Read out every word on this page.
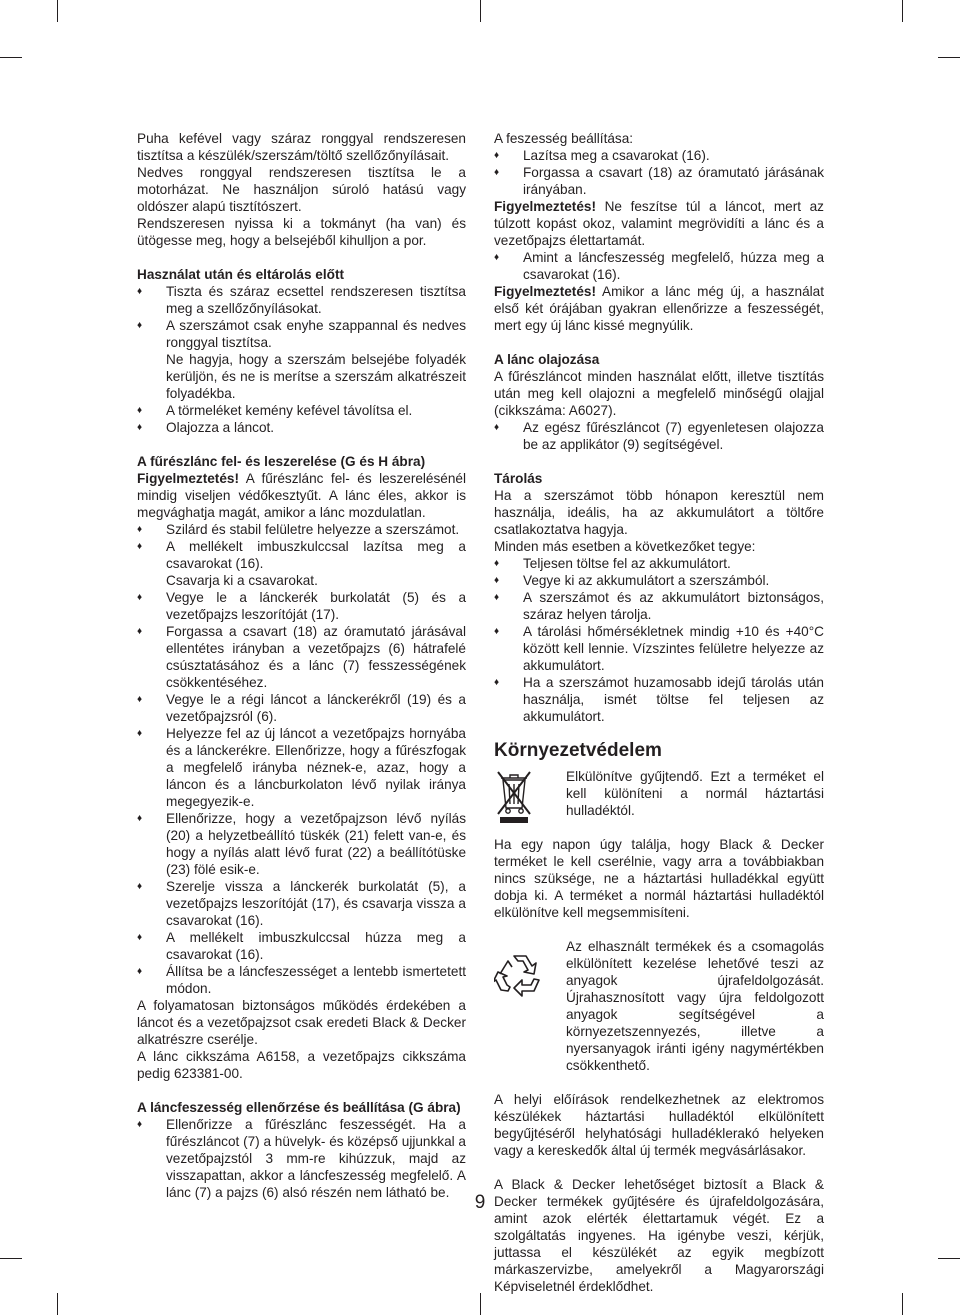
Puha kefével vagy száraz ronggyal rendszeresen tisztítsa a készülék/szerszám/töltő szellőzőnyílásait.

Nedves ronggyal rendszeresen tisztítsa le a motorházat. Ne használjon súroló hatású vagy oldószer alapú tisztítószert.

Rendszeresen nyissa ki a tokmányt (ha van) és ütögesse meg, hogy a belsejéből kihulljon a por.

Használat után és eltárolás előtt

♦ Tiszta és száraz ecsettel rendszeresen tisztítsa meg a szellőzőnyílásokat.

♦ A szerszámot csak enyhe szappannal és nedves ronggyal tisztítsa.

Ne hagyja, hogy a szerszám belsejébe folyadék kerüljön, és ne is merítse a szerszám alkatrészeit folyadékba.

♦ A törmeléket kemény kefével távolítsa el.

♦ Olajozza a láncot.

A fűrészlánc fel- és leszerelése (G és H ábra)

Figyelmeztetés! A fűrészlánc fel- és leszerelésénél mindig viseljen védőkesztyűt. A lánc éles, akkor is megvághatja magát, amikor a lánc mozdulatlan.

♦ Szilárd és stabil felületre helyezze a szerszámot.

♦ A mellékelt imbuszkulccsal lazítsa meg a csavarokat (16).

Csavarja ki a csavarokat.

♦ Vegye le a lánckerék burkolatát (5) és a vezetőpajzs leszorítóját (17).

♦ Forgassa a csavart (18) az óramutató járásával ellentétes irányban a vezetőpajzs (6) hátrafelé csúsztatásához és a lánc (7) fesszességének csökkentéséhez.

♦ Vegye le a régi láncot a lánckerékről (19) és a vezetőpajzsról (6).

♦ Helyezze fel az új láncot a vezetőpajzs hornyába és a lánckerékre. Ellenőrizze, hogy a fűrészfogak a megfelelő irányba néznek-e, azaz, hogy a láncon és a láncburkolaton lévő nyilak iránya megegyezik-e.

♦ Ellenőrizze, hogy a vezetőpajzson lévő nyílás (20) a helyzetbeállító tüskék (21) felett van-e, és hogy a nyílás alatt lévő furat (22) a beállítótüske (23) fölé esik-e.

♦ Szerelje vissza a lánckerék burkolatát (5), a vezetőpajzs leszorítóját (17), és csavarja vissza a csavarokat (16).

♦ A mellékelt imbuszkulccsal húzza meg a csavarokat (16).

♦ Állítsa be a láncfeszességet a lentebb ismertetett módon.

A folyamatosan biztonságos működés érdekében a láncot és a vezetőpajzsot csak eredeti Black & Decker alkatrészre cserélje.

A lánc cikkszáma A6158, a vezetőpajzs cikkszáma pedig 623381-00.

A láncfeszesség ellenőrzése és beállítása (G ábra)

♦ Ellenőrizze a fűrészlánc feszességét. Ha a fűrészláncot (7) a hüvelyk- és középső ujjunkkal a vezetőpajzstól 3 mm-re kihúzzuk, majd az visszapattan, akkor a láncfeszesség megfelelő. A lánc (7) a pajzs (6) alsó részén nem látható be.

A feszesség beállítása:

♦ Lazítsa meg a csavarokat (16).

♦ Forgassa a csavart (18) az óramutató járásának irányában.

Figyelmeztetés! Ne feszítse túl a láncot, mert az túlzott kopást okoz, valamint megrövidíti a lánc és a vezetőpajzs élettartamát.

♦ Amint a láncfeszesség megfelelő, húzza meg a csavarokat (16).

Figyelmeztetés! Amikor a lánc még új, a használat első két órájában gyakran ellenőrizze a feszességét, mert egy új lánc kissé megnyúlik.

A lánc olajozása

A fűrészláncot minden használat előtt, illetve tisztítás után meg kell olajozni a megfelelő minőségű olajjal (cikkszáma: A6027).

♦ Az egész fűrészláncot (7) egyenletesen olajozza be az applikátor (9) segítségével.

Tárolás

Ha a szerszámot több hónapon keresztül nem használja, ideális, ha az akkumulátort a töltőre csatlakoztatva hagyja.

Minden más esetben a következőket tegye:

♦ Teljesen töltse fel az akkumulátort.

♦ Vegye ki az akkumulátort a szerszámból.

♦ A szerszámot és az akkumulátort biztonságos, száraz helyen tárolja.

♦ A tárolási hőmérsékletnek mindig +10 és +40°C között kell lennie. Vízszintes felületre helyezze az akkumulátort.

♦ Ha a szerszámot huzamosabb idejű tárolás után használja, ismét töltse fel teljesen az akkumulátort.

Környezetvédelem
Elkülönítve gyűjtendő. Ezt a terméket el kell különíteni a normál háztartási hulladéktól.

Ha egy napon úgy találja, hogy Black & Decker terméket le kell cserélnie, vagy arra a továbbiakban nincs szüksége, ne a háztartási hulladékkal együtt dobja ki. A terméket a normál háztartási hulladéktól elkülönítve kell megsemmisíteni.

Az elhasznált termékek és a csomagolás elkülönített kezelése lehetővé teszi az anyagok újrafeldolgozását. Újrahasznosított vagy újra feldolgozott anyagok segítségével a környezetszennyezés, illetve a nyersanyagok iránti igény nagymértékben csökkenthető.

A helyi előírások rendelkezhetnek az elektromos készülékek háztartási hulladéktól elkülönített begyűjtéséről helyhatósági hulladéklerakó helyeken vagy a kereskedők által új termék megvásárlásakor.

A Black & Decker lehetőséget biztosít a Black & Decker termékek gyűjtésére és újrafeldolgozására, amint azok elérték élettartamuk végét. Ez a szolgáltatás ingyenes. Ha igénybe veszi, kérjük, juttassa el készülékét az egyik megbízott márkaszervizbe, amelyekről a Magyarországi Képviseletnél érdeklődhet.

9
